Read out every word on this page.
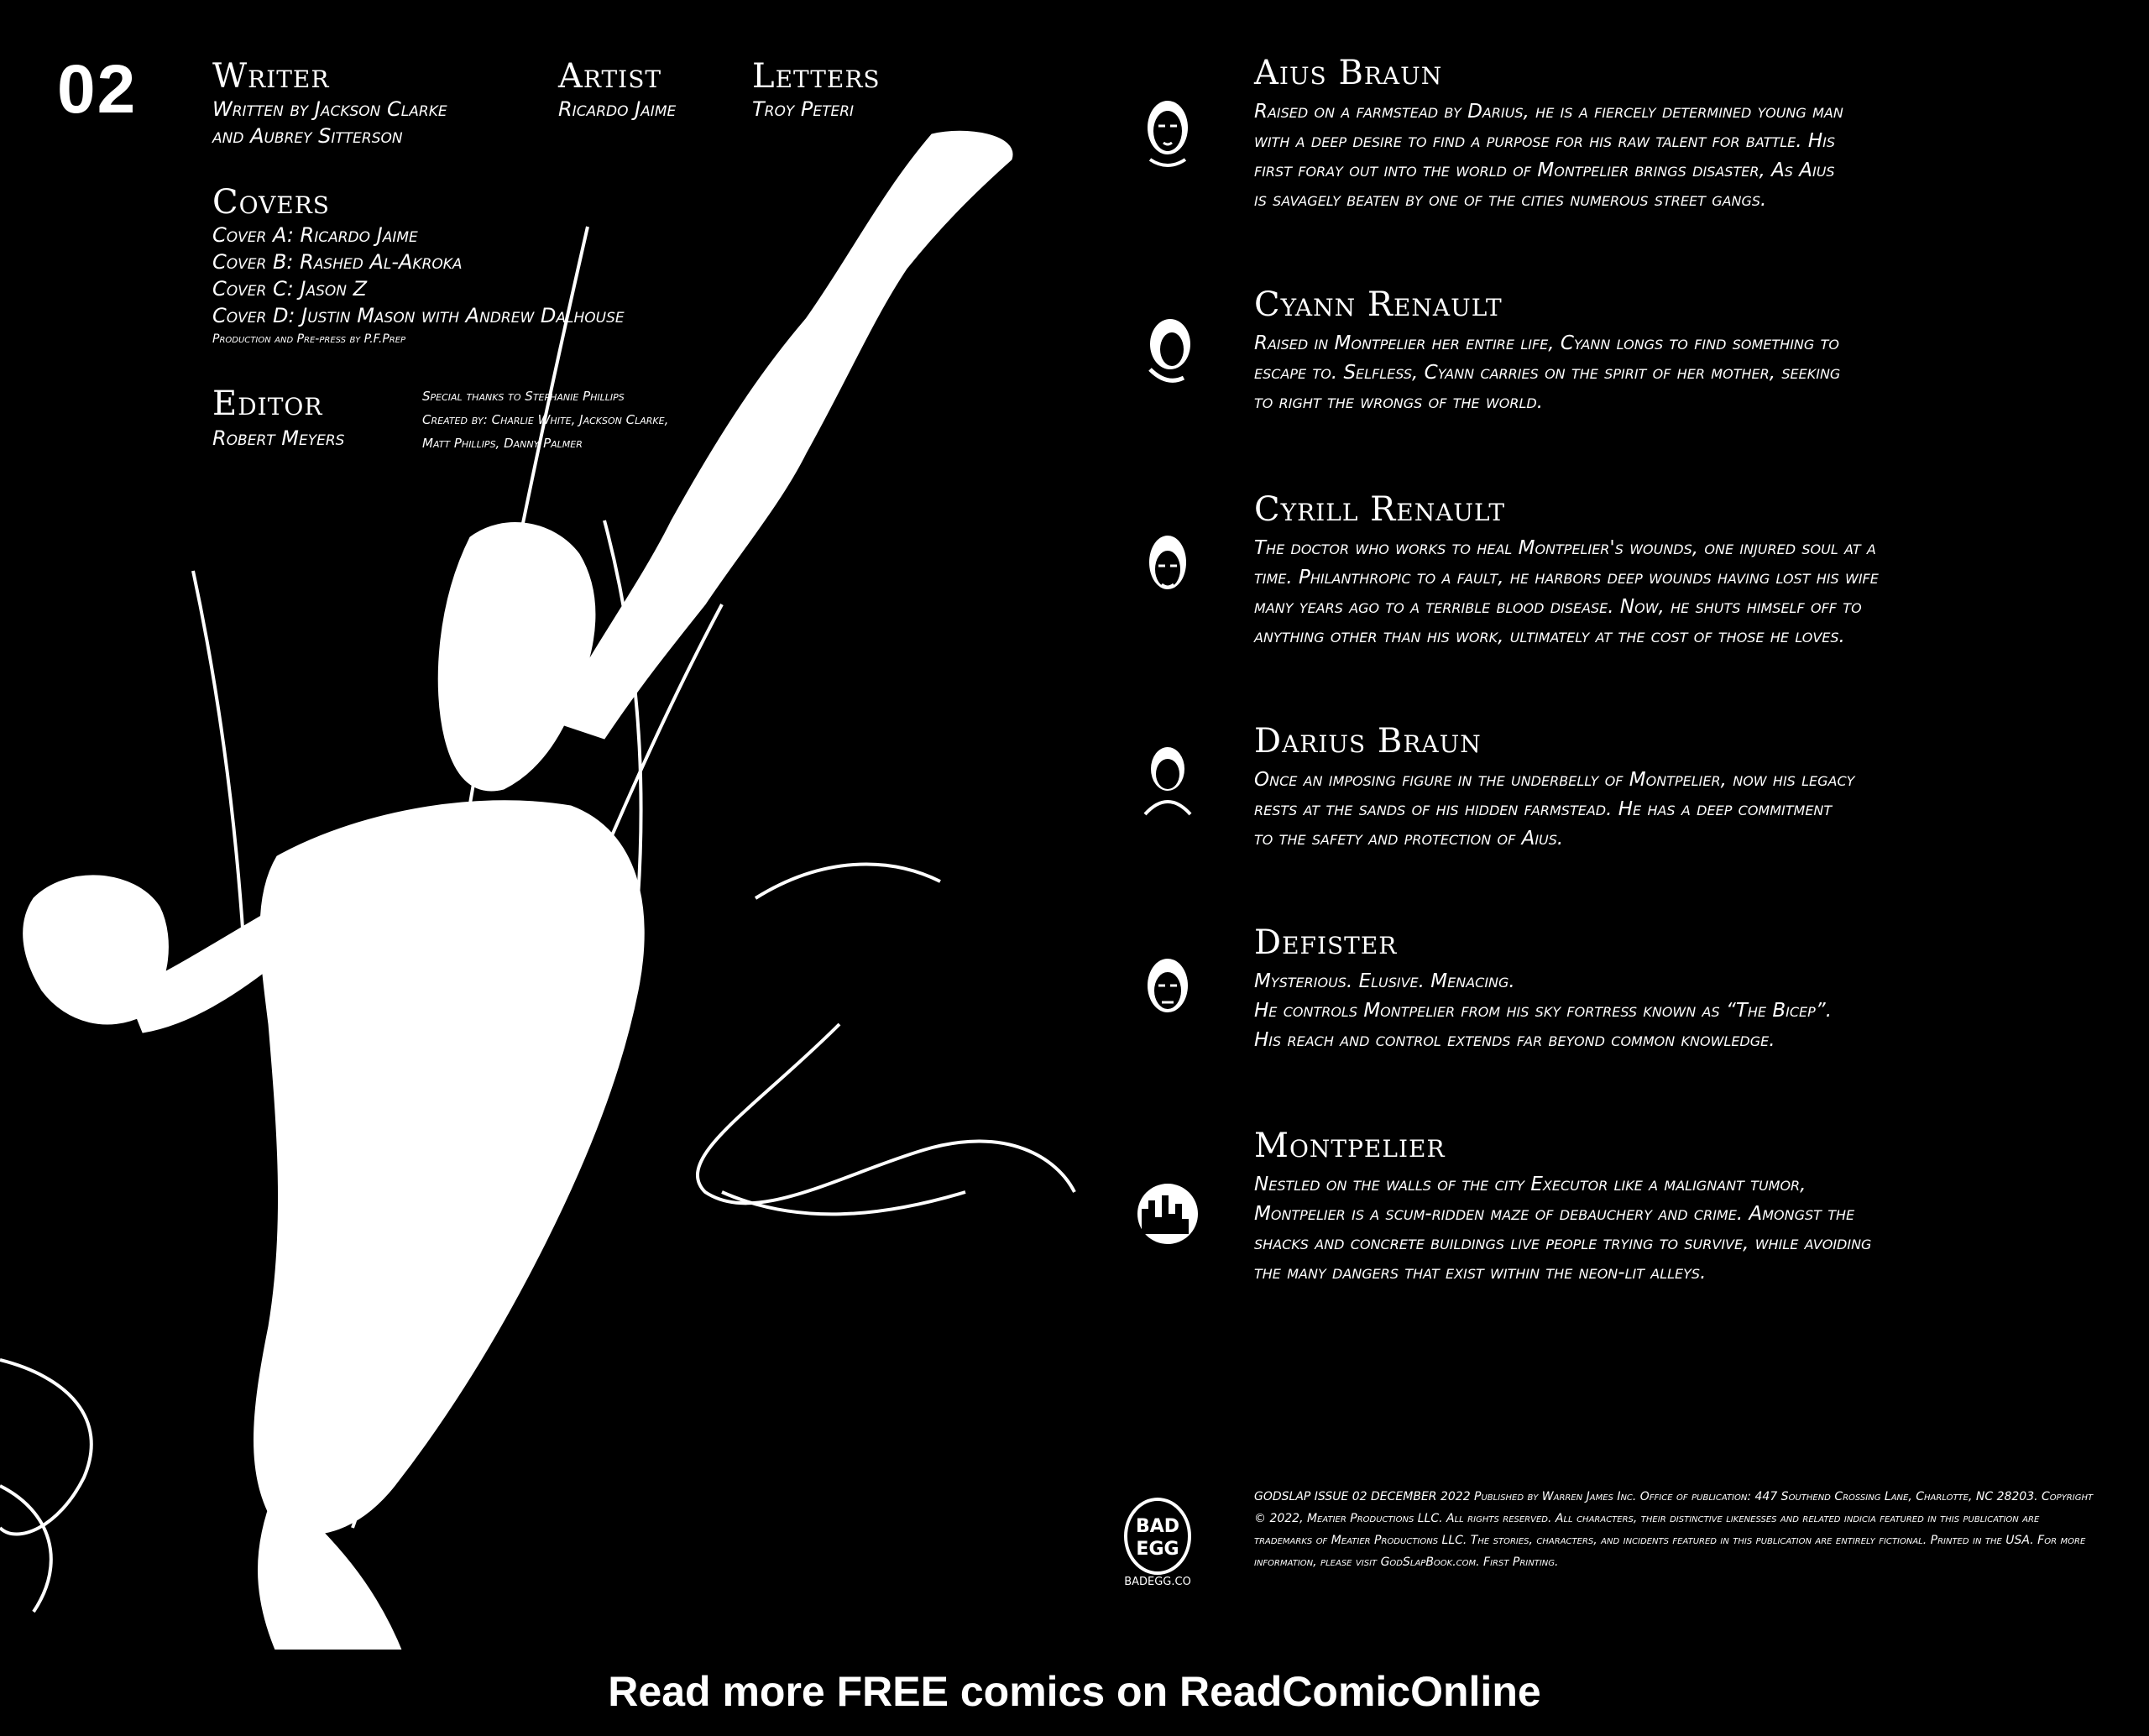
02 Writer
Written by Jackson Clarke
and Aubrey Sitterson
Artist
Ricardo Jaime
Letters
Troy Peteri
Covers
Cover A: Ricardo Jaime
Cover B: Rashed Al-Akroka
Cover C: Jason Z
Cover D: Justin Mason with Andrew Dalhouse
Production and Pre-press by P.F.Prep
Editor
Robert Meyers
Special thanks to Stephanie Phillips
Created by: Charlie White, Jackson Clarke,
Matt Phillips, Danny Palmer
Aius Braun
Raised on a farmstead by Darius, he is a fiercely determined young man
with a deep desire to find a purpose for his raw talent for battle. His
first foray out into the world of Montpelier brings disaster, As Aius
is savagely beaten by one of the cities numerous street gangs.
Cyann Renault
Raised in Montpelier her entire life, Cyann longs to find something to
escape to. Selfless, Cyann carries on the spirit of her mother, seeking
to right the wrongs of the world.
Cyrill Renault
The doctor who works to heal Montpelier's wounds, one injured soul at a
time. Philanthropic to a fault, he harbors deep wounds having lost his wife
many years ago to a terrible blood disease. Now, he shuts himself off to
anything other than his work, ultimately at the cost of those he loves.
Darius Braun
Once an imposing figure in the underbelly of Montpelier, now his legacy
rests at the sands of his hidden farmstead. He has a deep commitment
to the safety and protection of Aius.
Defister
Mysterious. Elusive. Menacing.
He controls Montpelier from his sky fortress known as “The Bicep”.
His reach and control extends far beyond common knowledge.
Montpelier
Nestled on the walls of the city Executor like a malignant tumor,
Montpelier is a scum-ridden maze of debauchery and crime. Amongst the
shacks and concrete buildings live people trying to survive, while avoiding
the many dangers that exist within the neon-lit alleys.
BAD
EGG
BADEGG.CO
GODSLAP ISSUE 02 DECEMBER 2022 Published by Warren James Inc. Office of publication: 447 Southend Crossing Lane, Charlotte, NC 28203. Copyright © 2022, Meatier Productions LLC. All rights reserved. All characters, their distinctive likenesses and related indicia featured in this publication are trademarks of Meatier Productions LLC. The stories, characters, and incidents featured in this publication are entirely fictional. Printed in the USA. For more information, please visit GodSlapBook.com. First Printing.
Read more FREE comics on ReadComicOnline
